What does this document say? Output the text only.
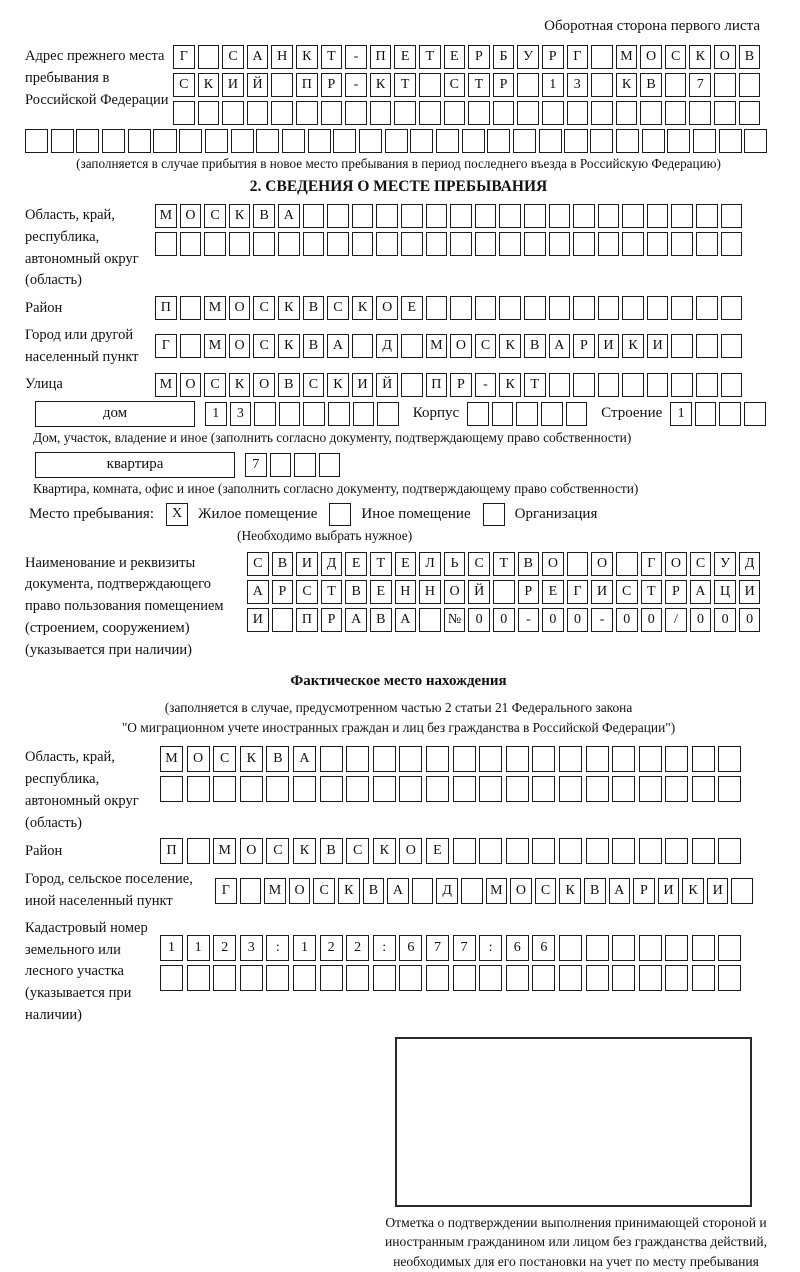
Оборотная сторона первого листа
Адрес прежнего места пребывания в Российской Федерации
Г	С	А	Н	К	Т	-	П	Е	Т	Е	Р	Б	У	Р	Г	М О	С	К	О	В
С	К	И	Й	П	Р	-	К	Т	С	Т	Р	1	3	К	В	7
(заполняется в случае прибытия в новое место пребывания в период последнего въезда в Российскую Федерацию)
2. СВЕДЕНИЯ О МЕСТЕ ПРЕБЫВАНИЯ
Область, край, республика, автономный округ (область)
М О	С	К	В	А
Район	П	М О	С	К	В	С	К	О	Е
Город или другой населенный пункт
Г	М О	С	К	В	А	Д	М О	С	К	В	А	Р	И	К	И
Улица	М О	С	К	О	В	С	К	И	Й	П	Р	-	К	Т
дом	1	3	Корпус	Строение	1
Дом, участок, владение и иное (заполнить согласно документу, подтверждающему право собственности)
квартира	7
Квартира, комната, офис и иное (заполнить согласно документу, подтверждающему право собственности)
Место пребывания:	X	Жилое помещение	Иное помещение	Организация
(Необходимо выбрать нужное)
Наименование и реквизиты документа, подтверждающего право пользования помещением (строением, сооружением) (указывается при наличии)
С	В	И	Д	Е	Т	Е	Л	Ь	С	Т	В	О	О	Г	О	С	У	Д
А	Р	С	Т	В	Е	Н	Н	О	Й	Р	Е	Г	И	С	Т	Р	А	Ц	И
И	П	Р	А	В	А	№	0	0	-	0	0	-	0	0	/	0	0	0
Фактическое место нахождения
(заполняется в случае, предусмотренном частью 2 статьи 21 Федерального закона
"О миграционном учете иностранных граждан и лиц без гражданства в Российской Федерации")
Область, край, республика, автономный округ (область)
М	О	С	К	В	А
Район	П	М	О	С	К	В	С	К	О	Е
Город, сельское поселение, иной населенный пункт
Г	М О	С	К	В	А	Д	М О	С	К	В	А	Р	И	К	И
Кадастровый номер земельного или лесного участка (указывается при наличии)
1	1	2	3	:	1	2	2	:	6	7	7	:	6	6
Отметка о подтверждении выполнения принимающей стороной и иностранным гражданином или лицом без гражданства действий, необходимых для его постановки на учет по месту пребывания
